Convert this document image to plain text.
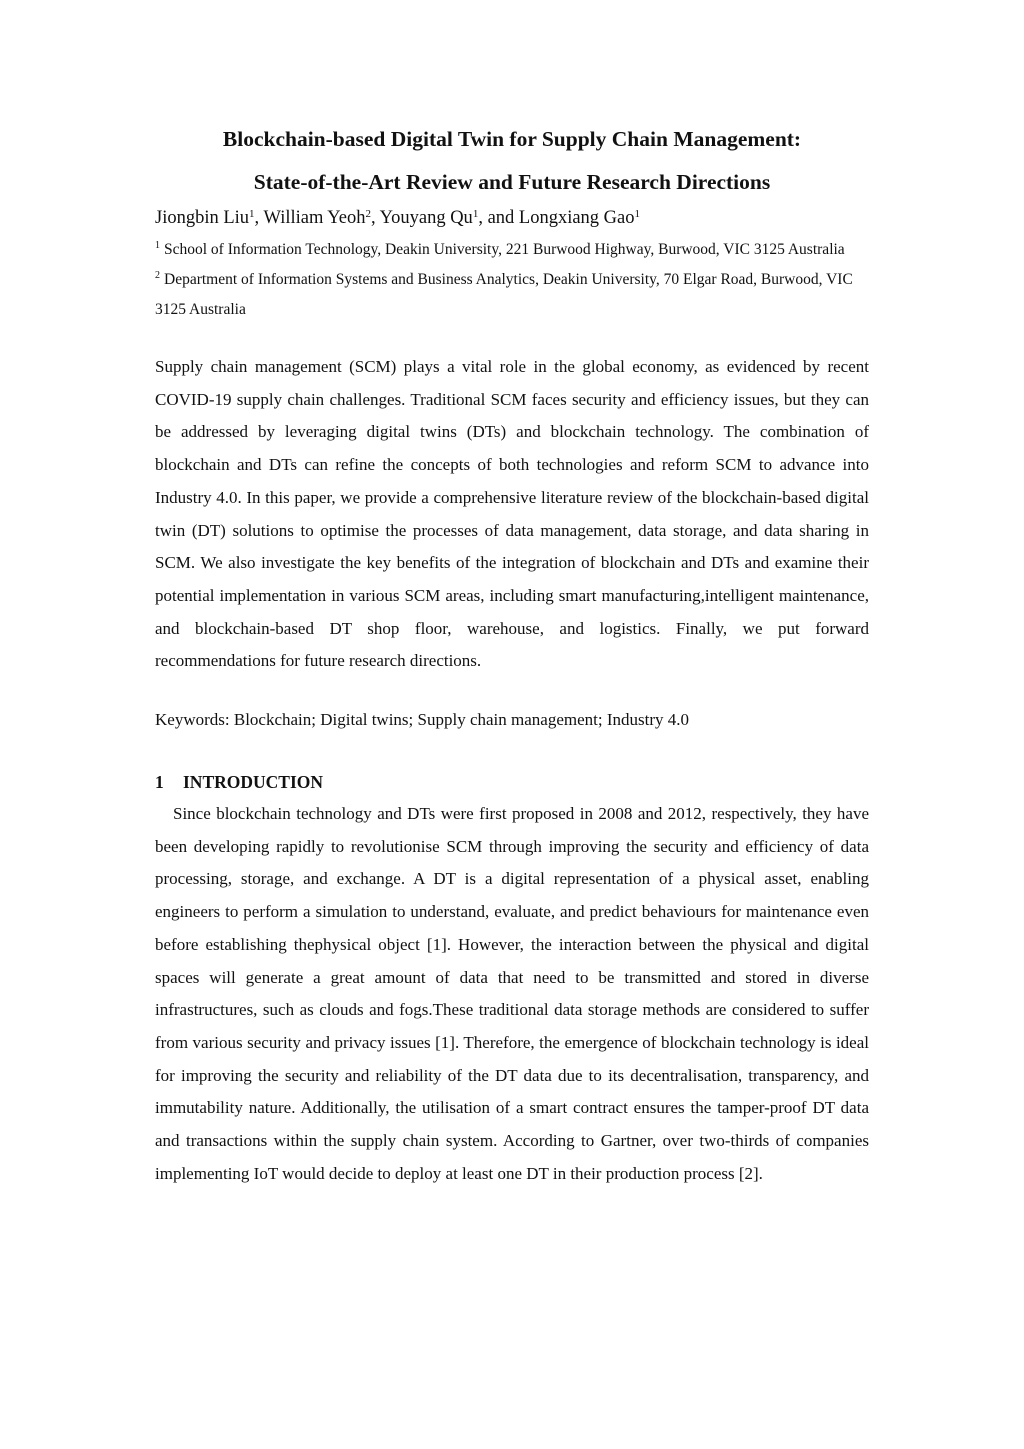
Blockchain-based Digital Twin for Supply Chain Management:
State-of-the-Art Review and Future Research Directions

Jiongbin Liu$^1$, William Yeoh$^2$, Youyang Qu$^1$, and Longxiang Gao$^1$

$^1$ School of Information Technology, Deakin University, 221 Burwood Highway, Burwood, VIC 3125 Australia

$^2$ Department of Information Systems and Business Analytics, Deakin University, 70 Elgar Road, Burwood, VIC 3125 Australia

Supply chain management (SCM) plays a vital role in the global economy, as evidenced by recent COVID-19 supply chain challenges. Traditional SCM faces security and efficiency issues, but they can be addressed by leveraging digital twins (DTs) and blockchain technology. The combination of blockchain and DTs can refine the concepts of both technologies and reform SCM to advance into Industry 4.0. In this paper, we provide a comprehensive literature review of the blockchain-based digital twin (DT) solutions to optimise the processes of data management, data storage, and data sharing in SCM. We also investigate the key benefits of the integration of blockchain and DTs and examine their potential implementation in various SCM areas, including smart manufacturing,intelligent maintenance, and blockchain-based DT shop floor, warehouse, and logistics. Finally, we put forward recommendations for future research directions.

Keywords: Blockchain; Digital twins; Supply chain management; Industry 4.0

1 INTRODUCTION

Since blockchain technology and DTs were first proposed in 2008 and 2012, respectively, they have been developing rapidly to revolutionise SCM through improving the security and efficiency of data processing, storage, and exchange. A DT is a digital representation of a physical asset, enabling engineers to perform a simulation to understand, evaluate, and predict behaviours for maintenance even before establishing thephysical object [1]. However, the interaction between the physical and digital spaces will generate a great amount of data that need to be transmitted and stored in diverse infrastructures, such as clouds and fogs.These traditional data storage methods are considered to suffer from various security and privacy issues [1]. Therefore, the emergence of blockchain technology is ideal for improving the security and reliability of the DT data due to its decentralisation, transparency, and immutability nature. Additionally, the utilisation of a smart contract ensures the tamper-proof DT data and transactions within the supply chain system. According to Gartner, over two-thirds of companies implementing IoT would decide to deploy at least one DT in their production process [2].
